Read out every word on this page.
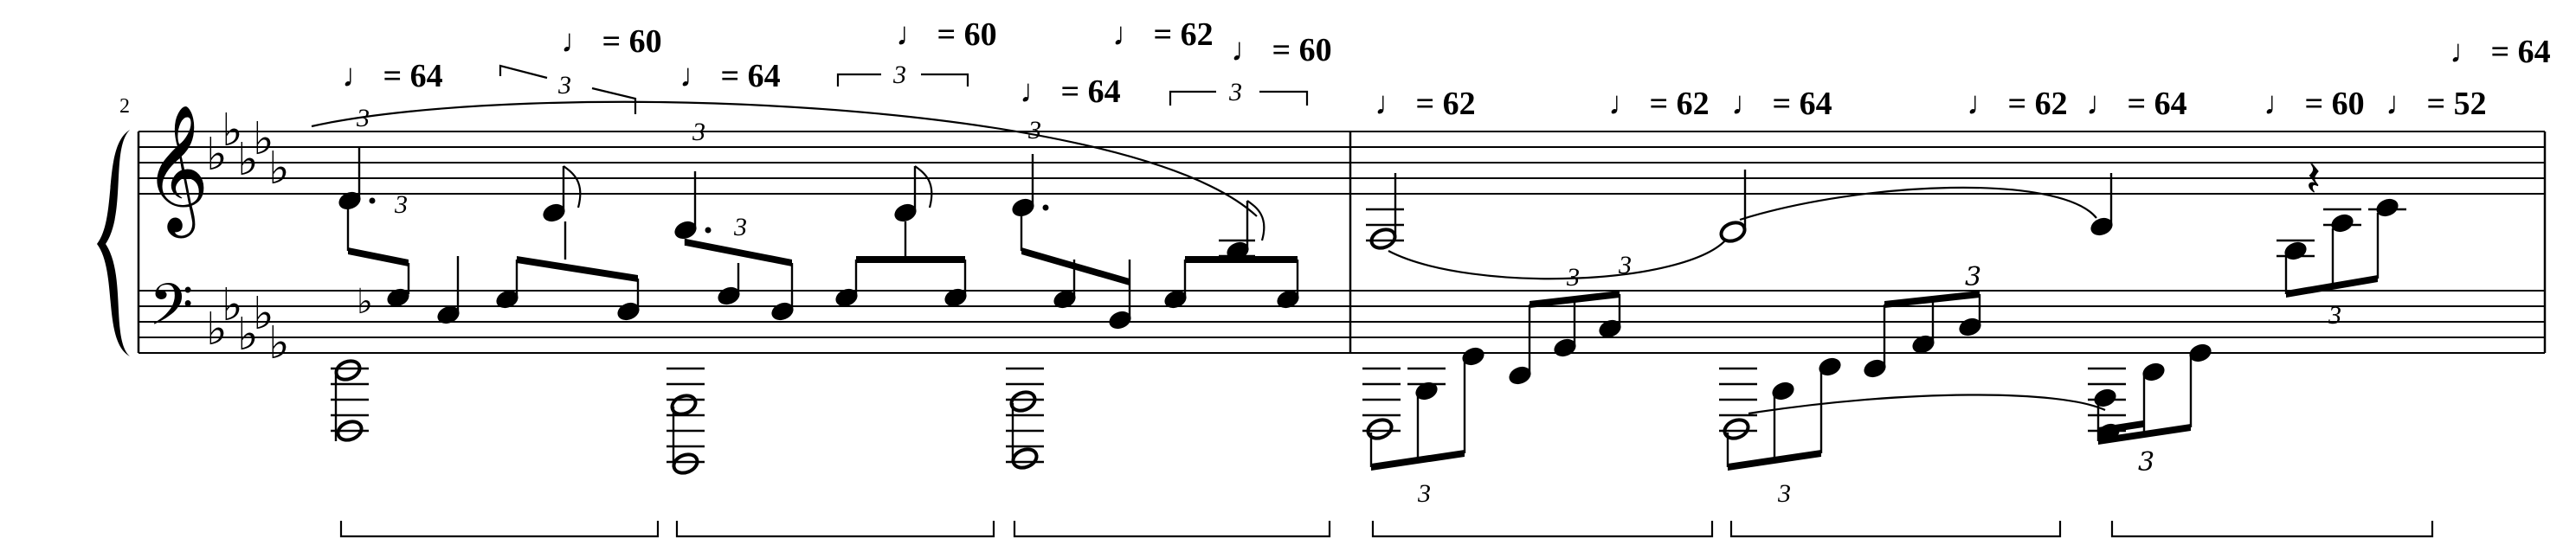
2
♩ = 64
♩ = 60
♩ = 64
♩ = 60
♩ = 64
♩ = 62 ♩ = 60
♩ = 62	♩ = 62 ♩ = 64	♩ = 62 ♩ = 64 ♩ = 60 ♩ = 52
♩ = 64
3	3
3
𝄞
𝄢
♭
♭
♭
♭
♭
♭
♭
♭
♭
♭
3	3	3
3
3
♭
3
𝄽
3
3
3
3
3
3
